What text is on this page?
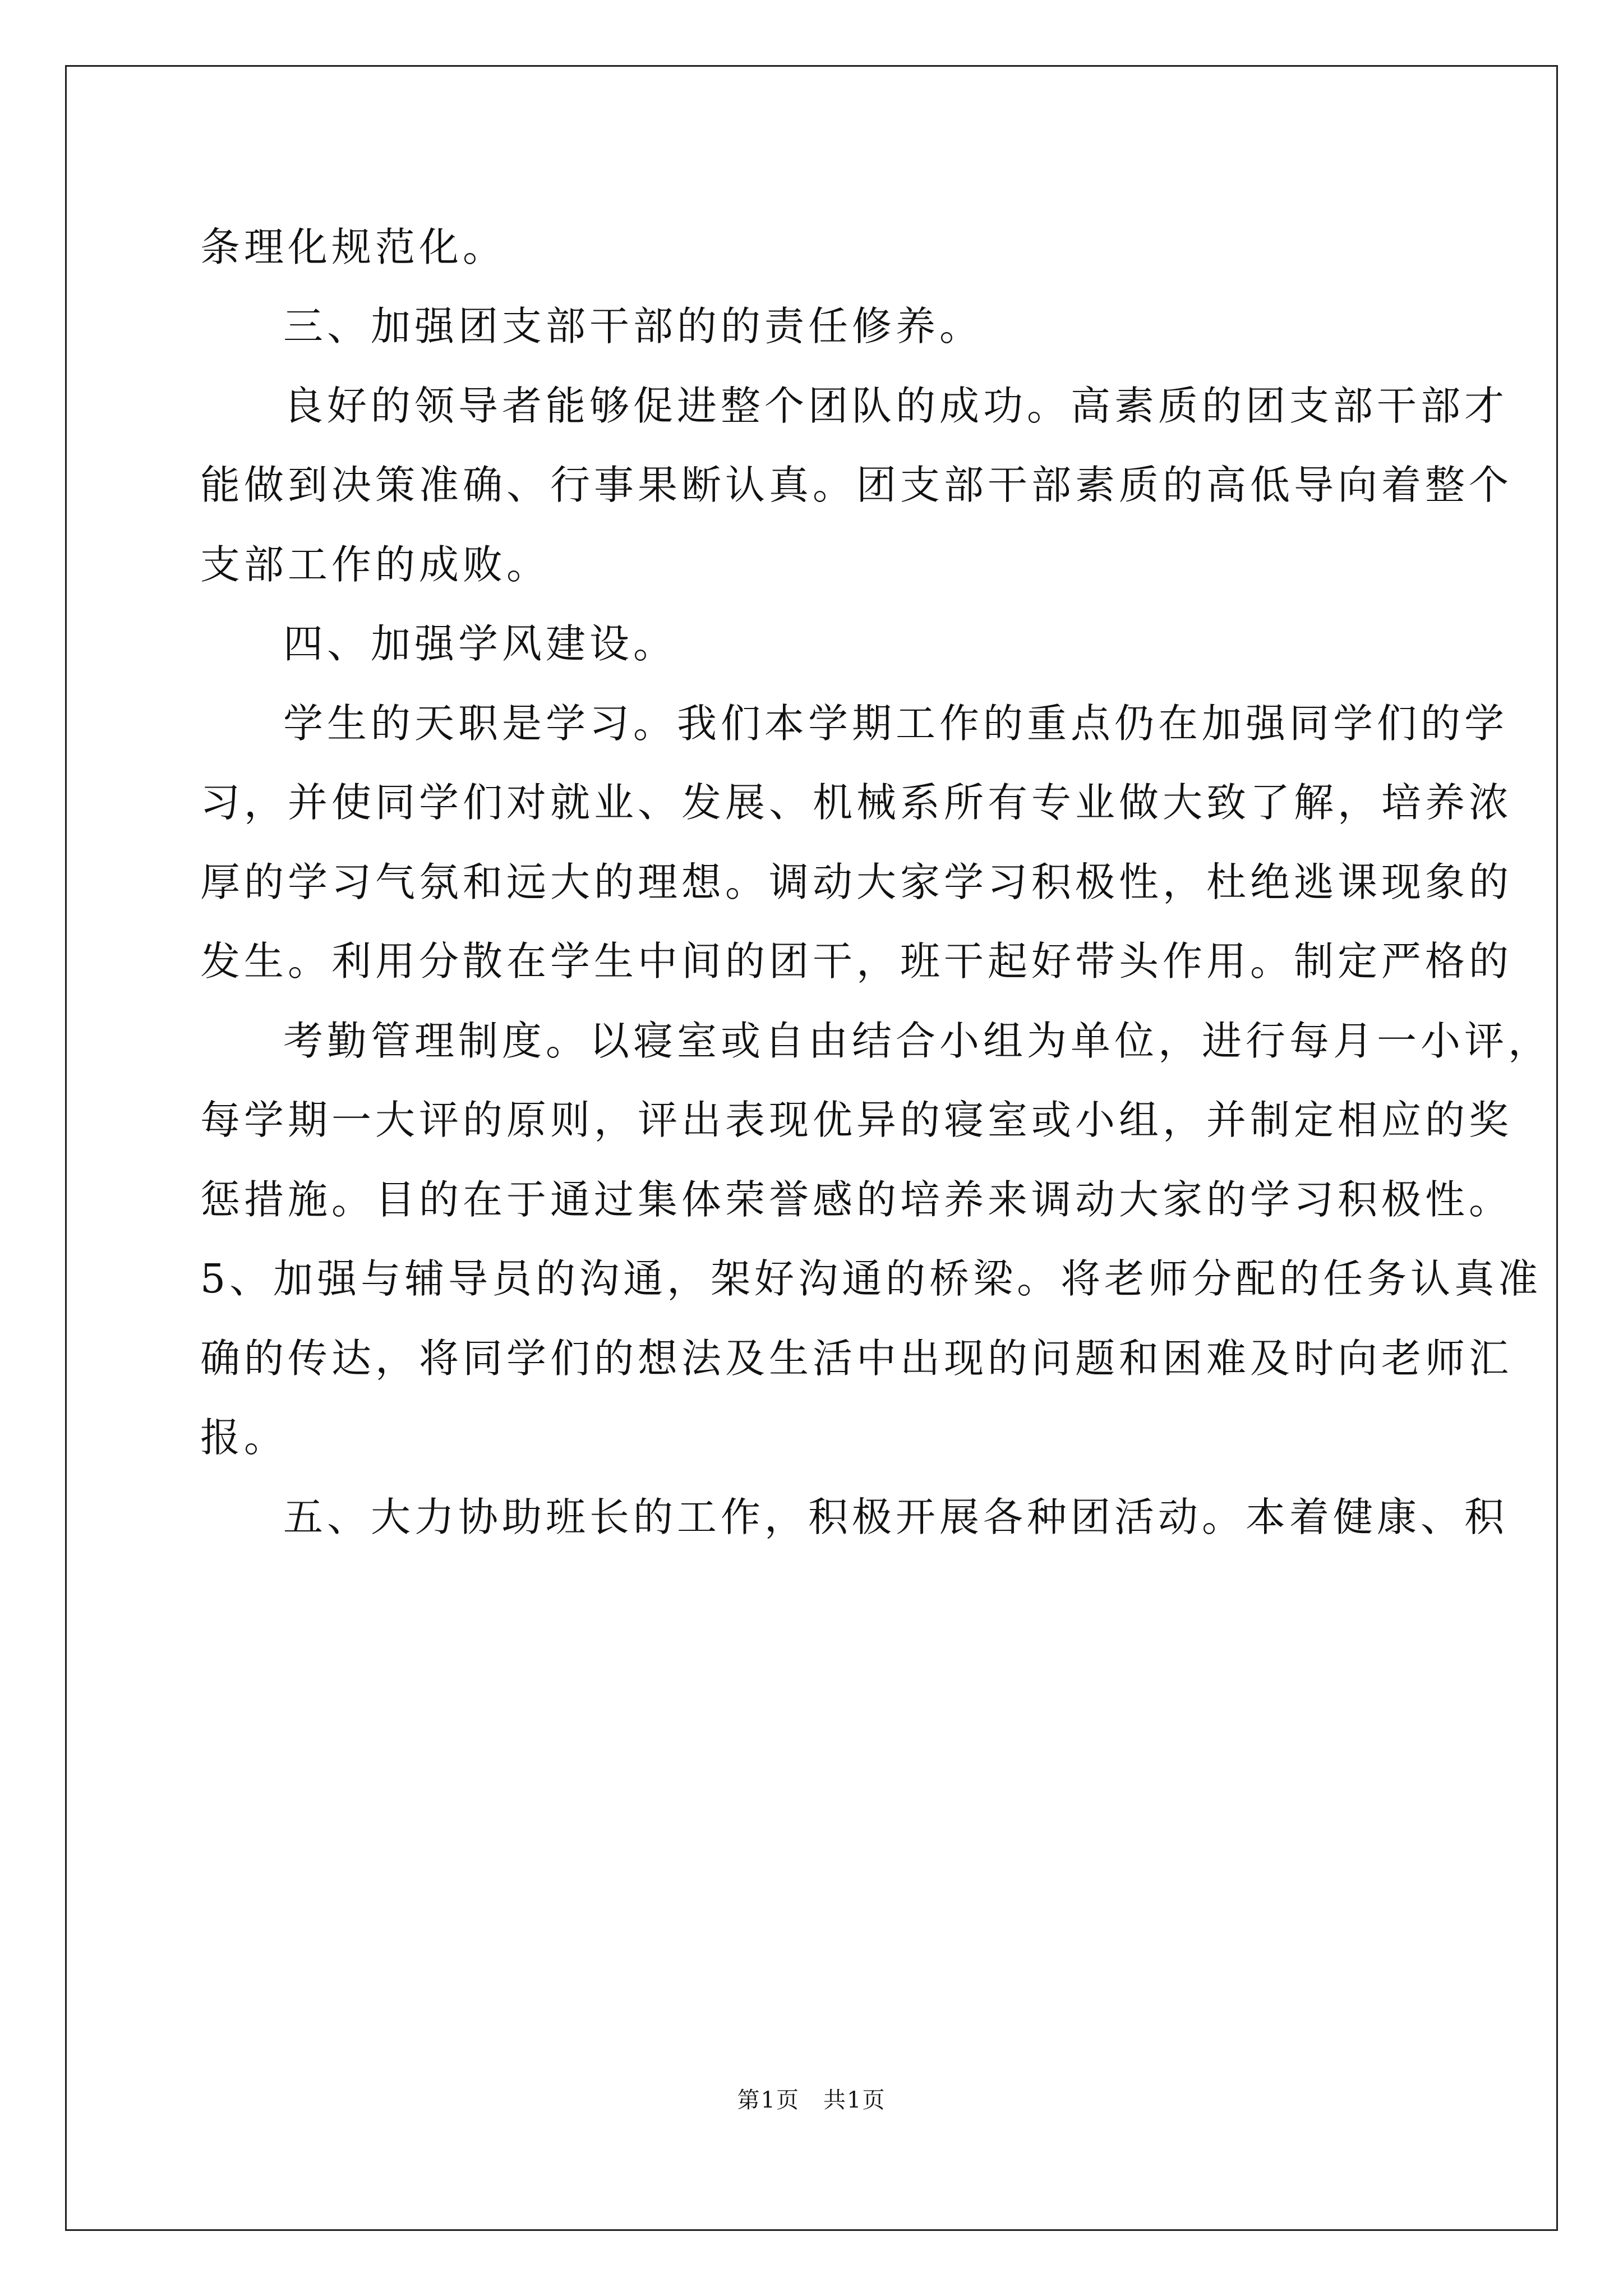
条理化规范化。
三、加强团支部干部的的责任修养。
良好的领导者能够促进整个团队的成功。高素质的团支部干部才
能做到决策准确、行事果断认真。团支部干部素质的高低导向着整个
支部工作的成败。
四、加强学风建设。
学生的天职是学习。我们本学期工作的重点仍在加强同学们的学
习，并使同学们对就业、发展、机械系所有专业做大致了解，培养浓
厚的学习气氛和远大的理想。调动大家学习积极性，杜绝逃课现象的
发生。利用分散在学生中间的团干，班干起好带头作用。制定严格的
考勤管理制度。以寝室或自由结合小组为单位，进行每月一小评，
每学期一大评的原则，评出表现优异的寝室或小组，并制定相应的奖
惩措施。目的在于通过集体荣誉感的培养来调动大家的学习积极性。
5、加强与辅导员的沟通，架好沟通的桥梁。将老师分配的任务认真准
确的传达，将同学们的想法及生活中出现的问题和困难及时向老师汇
报。
五、大力协助班长的工作，积极开展各种团活动。本着健康、积
第1页　共1页
